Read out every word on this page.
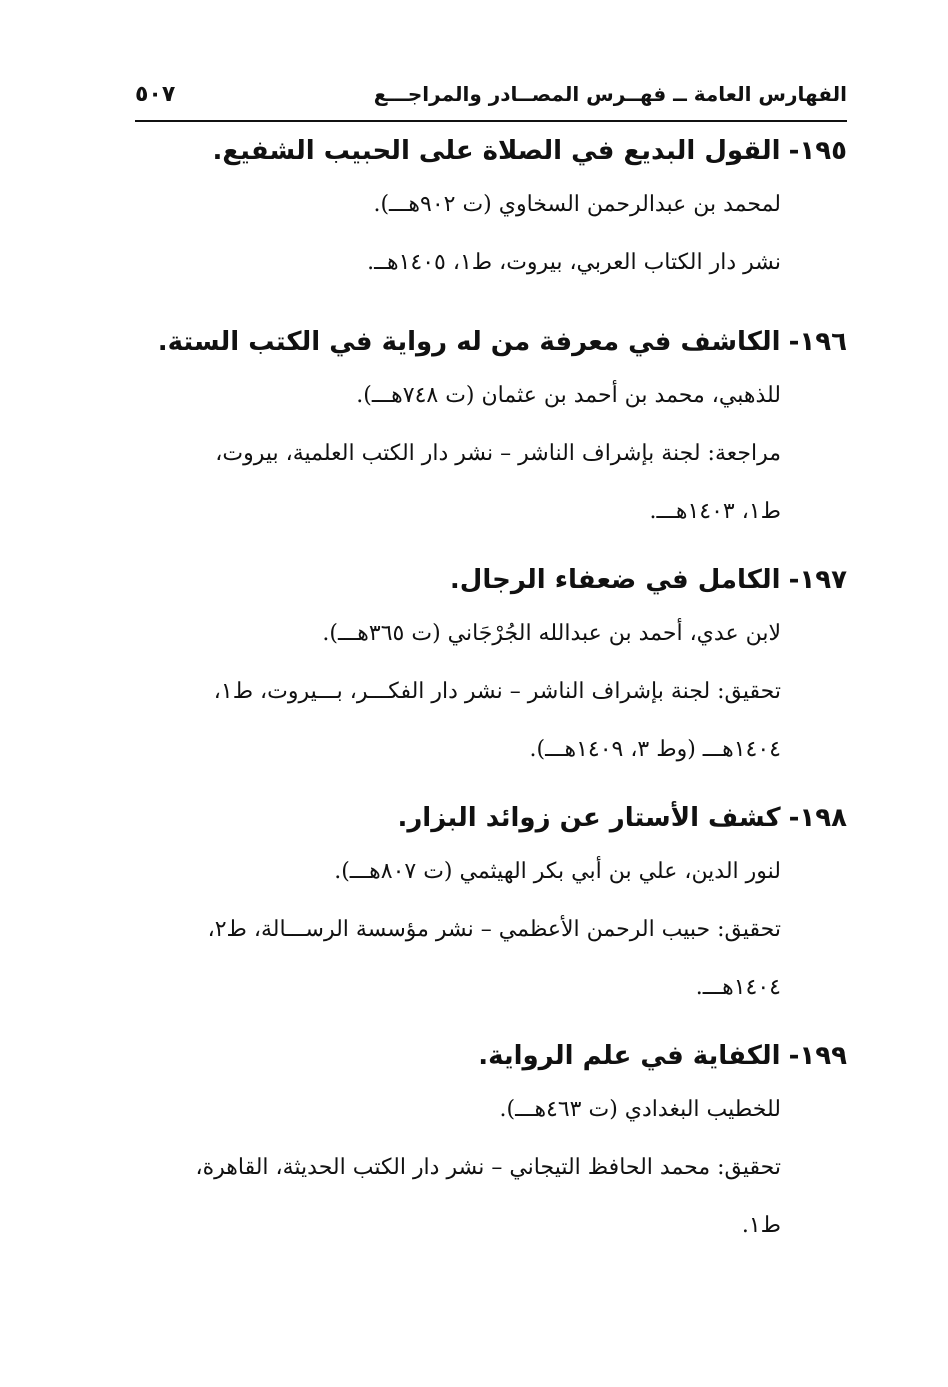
الفهارس العامة ــ فهــرس المصــادر والمراجـــع
٥٠٧

١٩٥-القول البديع في الصلاة على الحبيب الشفيع.

لمحمد بن عبدالرحمن السخاوي (ت ٩٠٢هـــ).

نشر دار الكتاب العربي، بيروت، ط١، ١٤٠٥هــ.

١٩٦-الكاشف في معرفة من له رواية في الكتب الستة.

للذهبي، محمد بن أحمد بن عثمان (ت ٧٤٨هـــ).

مراجعة: لجنة بإشراف الناشر – نشر دار الكتب العلمية، بيروت،

ط١، ١٤٠٣هـــ.

١٩٧-الكامل في ضعفاء الرجال.

لابن عدي، أحمد بن عبدالله الجُرْجَاني (ت ٣٦٥هـــ).

تحقيق: لجنة بإشراف الناشر – نشر دار الفكـــر، بـــيروت، ط١،

١٤٠٤هـــ (وط ٣، ١٤٠٩هـــ).

١٩٨-كشف الأستار عن زوائد البزار.

لنور الدين، علي بن أبي بكر الهيثمي (ت ٨٠٧هـــ).

تحقيق: حبيب الرحمن الأعظمي – نشر مؤسسة الرســـالة، ط٢،

١٤٠٤هـــ.

١٩٩-الكفاية في علم الرواية.

للخطيب البغدادي (ت ٤٦٣هـــ).

تحقيق: محمد الحافظ التيجاني – نشر دار الكتب الحديثة، القاهرة،

ط١.
